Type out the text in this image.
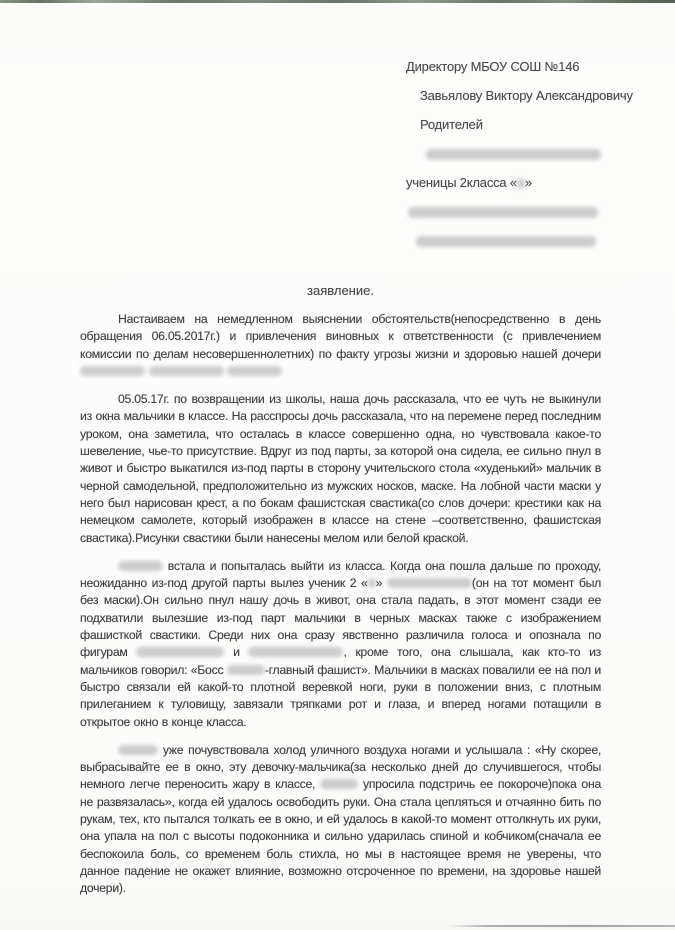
Директору МБОУ СОШ №146
Завьялову Виктору Александровичу
Родителей
ученицы 2класса « »
заявление.

Настаиваем на немедленном выяснении обстоятельств(непосредственно в день обращения 06.05.2017г.) и привлечения виновных к ответственности (с привлечением комиссии по делам несовершеннолетних) по факту угрозы жизни и здоровью нашей дочери

05.05.17г. по возвращении из школы, наша дочь рассказала, что ее чуть не выкинули из окна мальчики в классе. На расспросы дочь рассказала, что на перемене перед последним уроком, она заметила, что осталась в классе совершенно одна, но чувствовала какое-то шевеление, чье-то присутствие. Вдруг из под парты, за которой она сидела, ее сильно пнул в живот и быстро выкатился из-под парты в сторону учительского стола «худенький» мальчик в черной самодельной, предположительно из мужских носков, маске. На лобной части маски у него был нарисован крест, а по бокам фашистская свастика(со слов дочери: крестики как на немецком самолете, который изображен в классе на стене –соответственно, фашистская свастика).Рисунки свастики были нанесены мелом или белой краской.

встала и попыталась выйти из класса. Когда она пошла дальше по проходу, неожиданно из-под другой парты вылез ученик 2 « »	(он на тот момент был без маски).Он сильно пнул нашу дочь в живот, она стала падать, в этот момент сзади ее подхватили вылезшие из-под парт мальчики в черных масках также с изображением фашисткой свастики. Среди них она сразу явственно различила голоса и опознала по фигурам	и	, кроме того, она слышала, как кто-то из мальчиков говорил: «Босс	-главный фашист». Мальчики в масках повалили ее на пол и быстро связали ей какой-то плотной веревкой ноги, руки в положении вниз, с плотным прилеганием к туловищу, завязали тряпками рот и глаза, и вперед ногами потащили в открытое окно в конце класса.

уже почувствовала холод уличного воздуха ногами и услышала : «Ну скорее, выбрасывайте ее в окно, эту девочку-мальчика(за несколько дней до случившегося, чтобы немного легче переносить жару в классе,	упросила подстричь ее покороче)пока она не развязалась», когда ей удалось освободить руки. Она стала цепляться и отчаянно бить по рукам, тех, кто пытался толкать ее в окно, и ей удалось в какой-то момент оттолкнуть их руки, она упала на пол с высоты подоконника и сильно ударилась спиной и кобчиком(сначала ее беспокоила боль, со временем боль стихла, но мы в настоящее время не уверены, что данное падение не окажет влияние, возможно отсроченное по времени, на здоровье нашей дочери).
